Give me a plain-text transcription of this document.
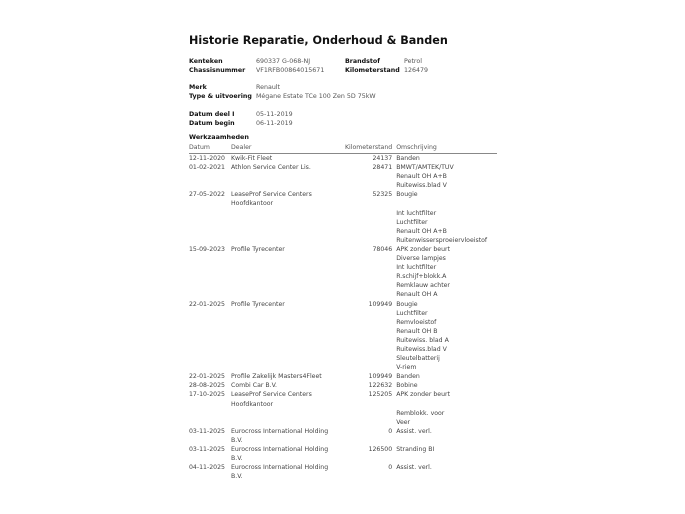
Historie Reparatie, Onderhoud & Banden
Kenteken	690337 G-068-NJ
Chassisnummer VF1RFB00864015671
Brandstof	Petrol
Kilometerstand 126479
Merk	Renault
Type & uitvoering Mégane Estate TCe 100 Zen 5D 75kW
Datum deel I	05-11-2019
Datum begin	06-11-2019
Werkzaamheden
Datum	Dealer	Kilometerstand	Omschrijving
12-11-2020	Kwik-Fit Fleet	24137	Banden
01-02-2021	Athlon Service Center Lis.	28471	BMWT/AMTEK/TUV
			Renault OH A+B
			Ruitewiss.blad V
27-05-2022	LeaseProf Service Centers Hoofdkantoor	52325	Bougie

			Int luchtfilter
			Luchtfilter
			Renault OH A+B
			Ruitenwissersproeiervloeistof
15-09-2023	Profile Tyrecenter	78046	APK zonder beurt
			Diverse lampjes
			Int luchtfilter
			R.schijf+blokk.A
			Remklauw achter
			Renault OH A
22-01-2025	Profile Tyrecenter	109949	Bougie
			Luchtfilter
			Remvloeistof
			Renault OH B
			Ruitewiss. blad A
			Ruitewiss.blad V
			Sleutelbatterij
			V-riem
22-01-2025	Profile Zakelijk Masters4Fleet	109949	Banden
28-08-2025	Combi Car B.V.	122632	Bobine
17-10-2025	LeaseProf Service Centers Hoofdkantoor	125205	APK zonder beurt

			Remblokk. voor
			Veer
03-11-2025	Eurocross International Holding B.V.	0	Assist. verl.
03-11-2025	Eurocross International Holding B.V.	126500	Stranding BI
04-11-2025	Eurocross International Holding B.V.	0	Assist. verl.
